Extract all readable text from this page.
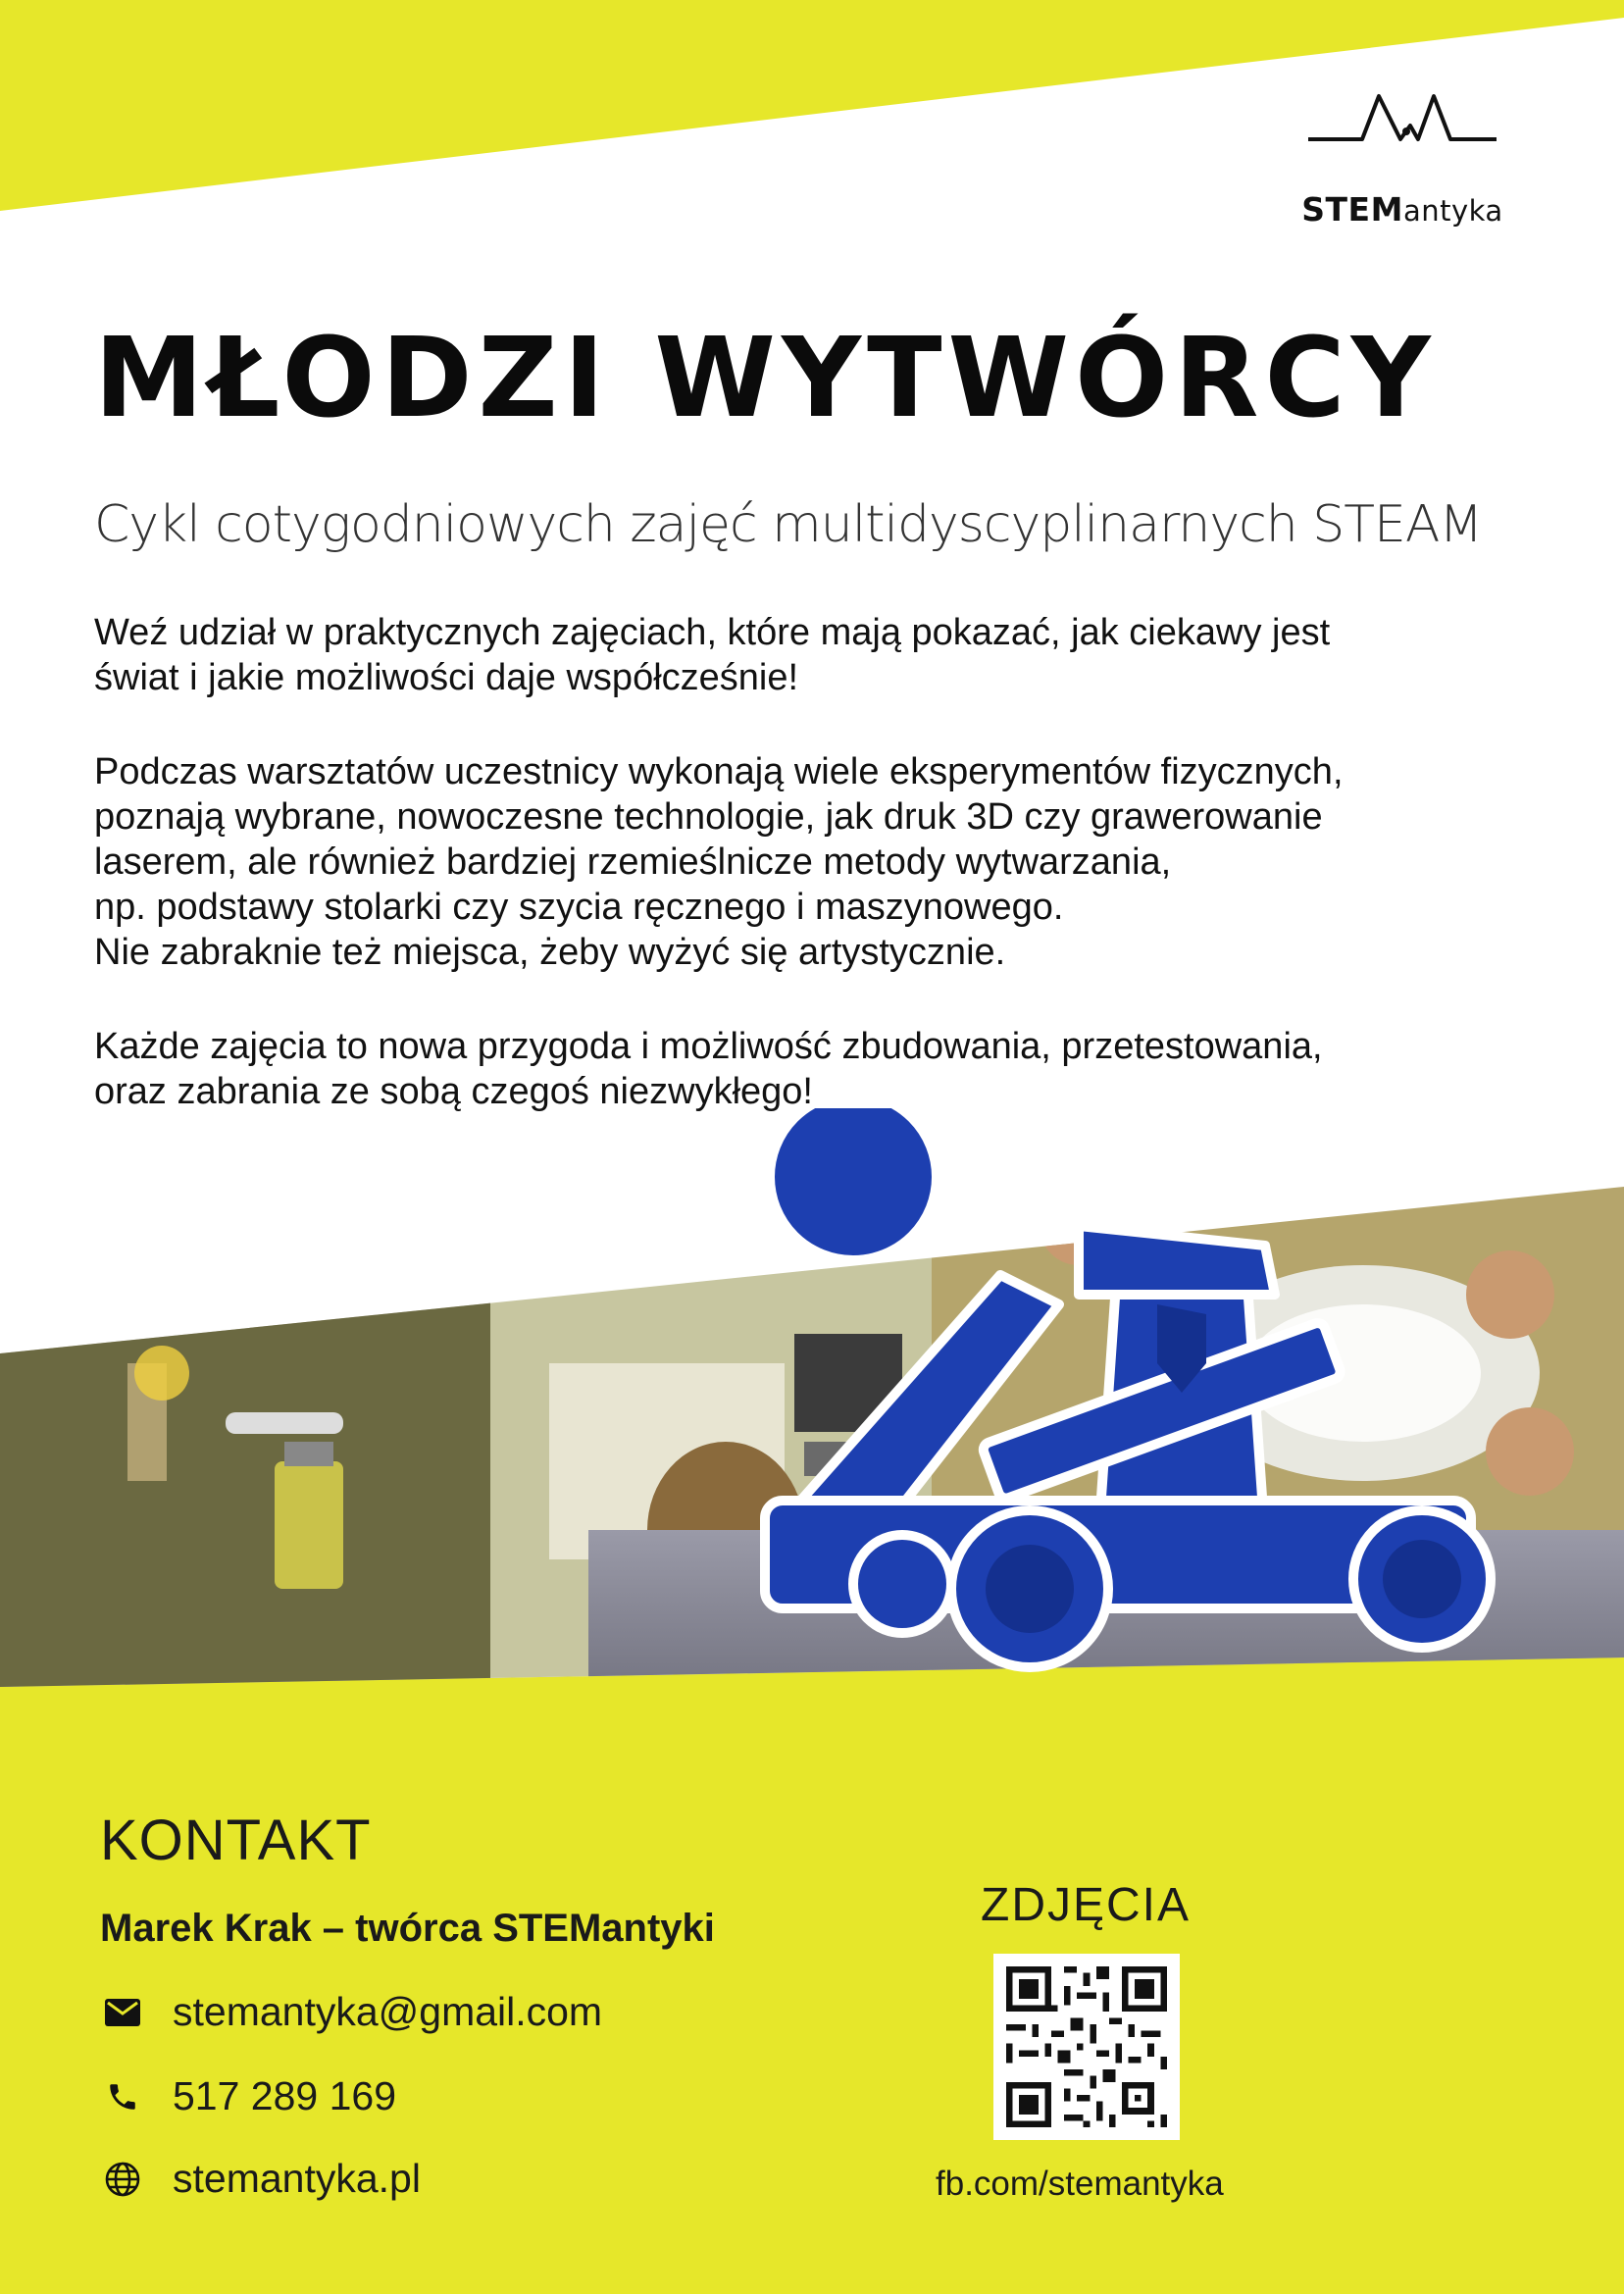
STEMantyka
MŁODZI WYTWÓRCY

Cykl cotygodniowych zajęć multidyscyplinarnych STEAM

Weź udział w praktycznych zajęciach, które mają pokazać, jak ciekawy jest
świat i jakie możliwości daje współcześnie!

Podczas warsztatów uczestnicy wykonają wiele eksperymentów fizycznych,
poznają wybrane, nowoczesne technologie, jak druk 3D czy grawerowanie
laserem, ale również bardziej rzemieślnicze metody wytwarzania,
np. podstawy stolarki czy szycia ręcznego i maszynowego.
Nie zabraknie też miejsca, żeby wyżyć się artystycznie.

Każde zajęcia to nowa przygoda i możliwość zbudowania, przetestowania,
oraz zabrania ze sobą czegoś niezwykłego!

KONTAKT
Marek Krak – twórca STEMantyki
stemantyka@gmail.com
517 289 169
stemantyka.pl
ZDJĘCIA
fb.com/stemantyka
